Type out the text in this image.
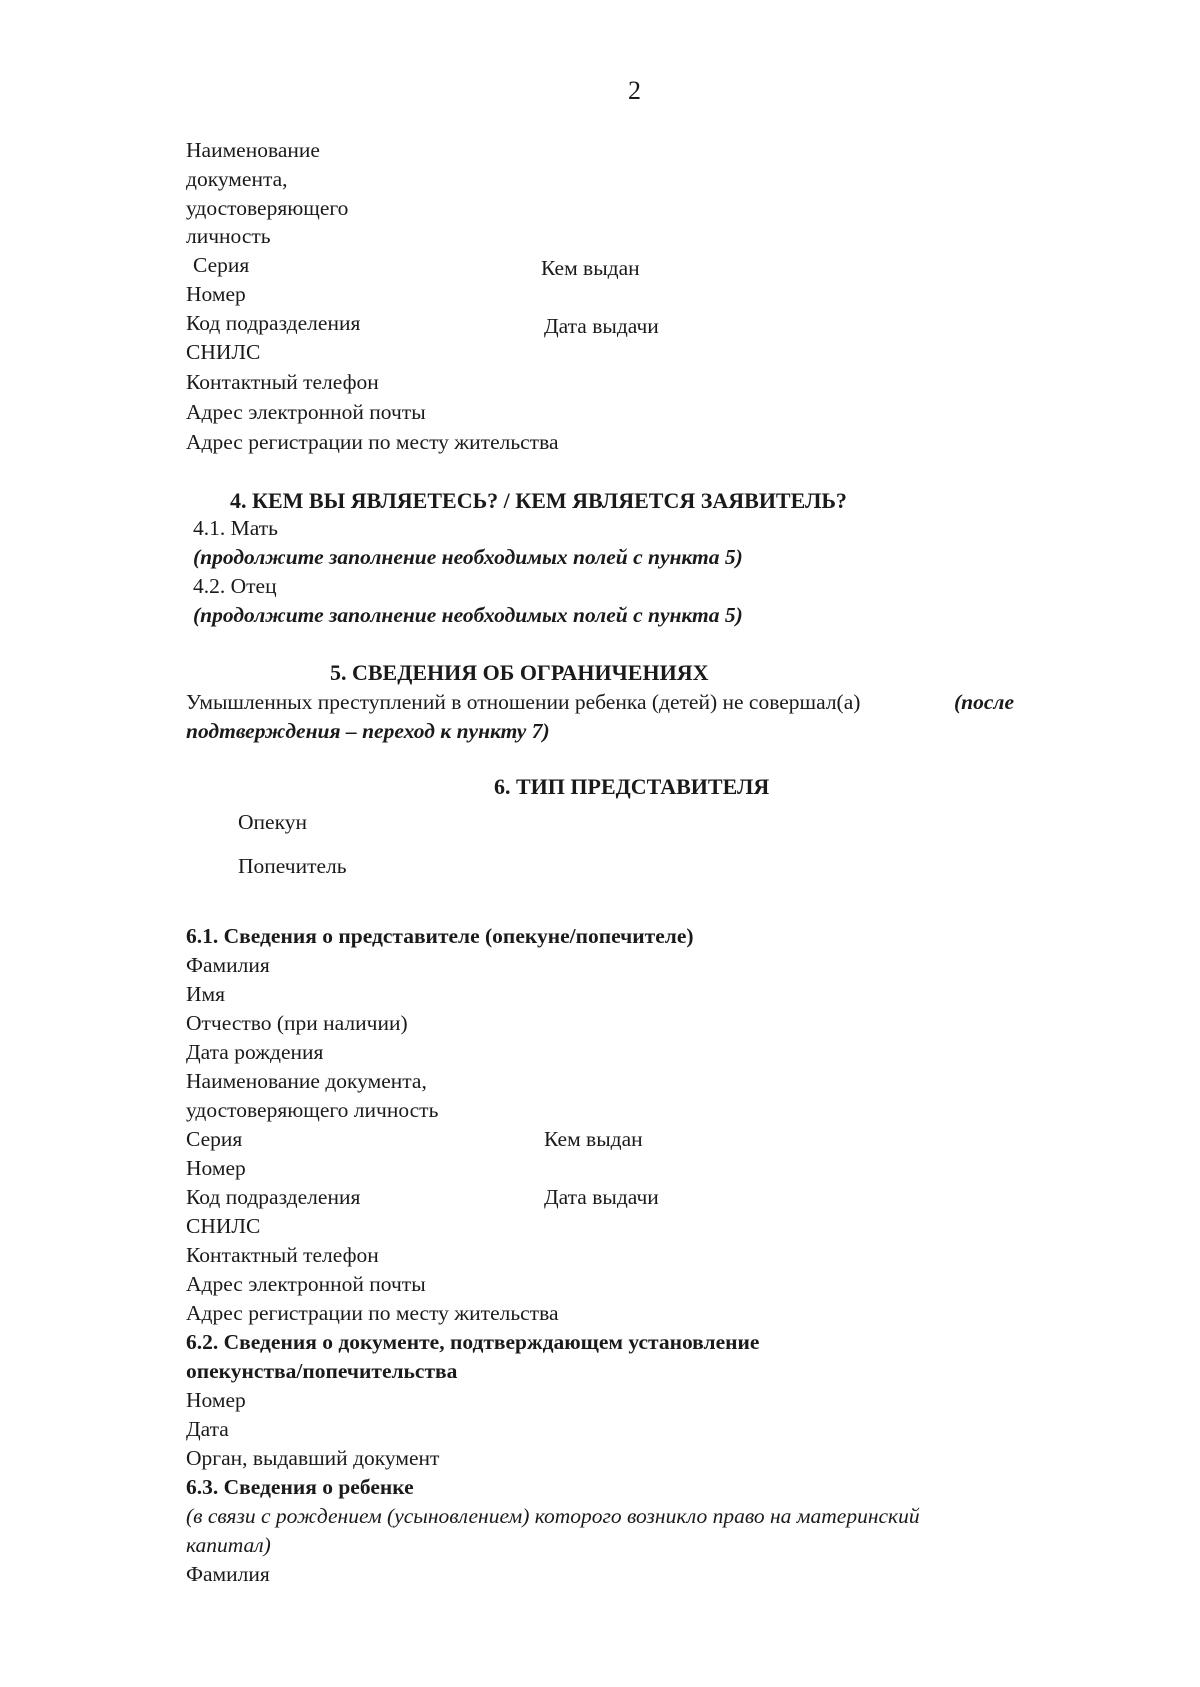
2
Наименование
документа,
удостоверяющего
личность
Серия	Кем выдан
Номер
Код подразделения	Дата выдачи
СНИЛС
Контактный телефон
Адрес электронной почты
Адрес регистрации по месту жительства
4. КЕМ ВЫ ЯВЛЯЕТЕСЬ? / КЕМ ЯВЛЯЕТСЯ ЗАЯВИТЕЛЬ?
4.1. Мать
(продолжите заполнение необходимых полей с пункта 5)
4.2. Отец
(продолжите заполнение необходимых полей с пункта 5)
5. СВЕДЕНИЯ ОБ ОГРАНИЧЕНИЯХ
Умышленных преступлений в отношении ребенка (детей) не совершал(а)	(после
подтверждения – переход к пункту 7)
6. ТИП ПРЕДСТАВИТЕЛЯ
Опекун
Попечитель
6.1. Сведения о представителе (опекуне/попечителе)
Фамилия
Имя
Отчество (при наличии)
Дата рождения
Наименование документа,
удостоверяющего личность
Серия	Кем выдан
Номер
Код подразделения	Дата выдачи
СНИЛС
Контактный телефон
Адрес электронной почты
Адрес регистрации по месту жительства
6.2. Сведения о документе, подтверждающем установление
опекунства/попечительства
Номер
Дата
Орган, выдавший документ
6.3. Сведения о ребенке
(в связи с рождением (усыновлением) которого возникло право на материнский
капитал)
Фамилия
